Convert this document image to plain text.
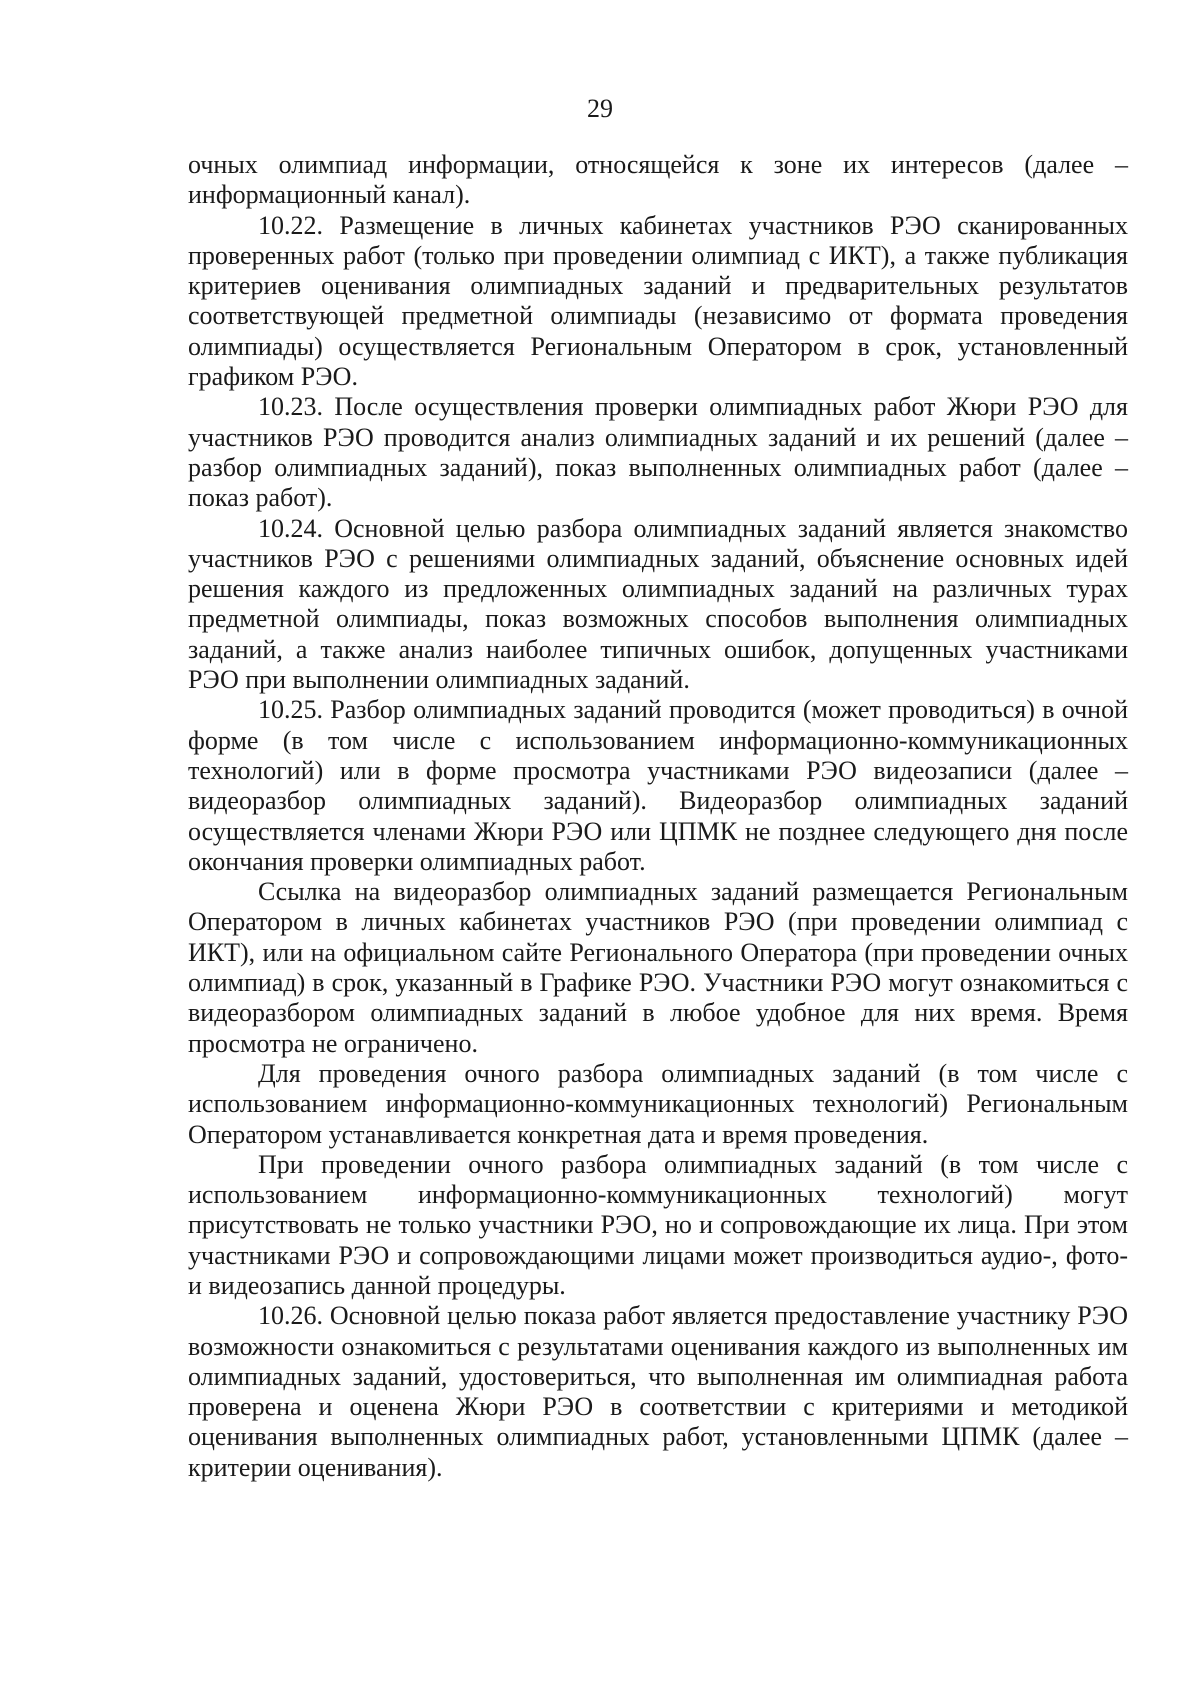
29

очных олимпиад информации, относящейся к зоне их интересов (далее – информационный канал).

10.22. Размещение в личных кабинетах участников РЭО сканированных проверенных работ (только при проведении олимпиад с ИКТ), а также публикация критериев оценивания олимпиадных заданий и предварительных результатов соответствующей предметной олимпиады (независимо от формата проведения олимпиады) осуществляется Региональным Оператором в срок, установленный графиком РЭО.

10.23. После осуществления проверки олимпиадных работ Жюри РЭО для участников РЭО проводится анализ олимпиадных заданий и их решений (далее – разбор олимпиадных заданий), показ выполненных олимпиадных работ (далее – показ работ).

10.24. Основной целью разбора олимпиадных заданий является знакомство участников РЭО с решениями олимпиадных заданий, объяснение основных идей решения каждого из предложенных олимпиадных заданий на различных турах предметной олимпиады, показ возможных способов выполнения олимпиадных заданий, а также анализ наиболее типичных ошибок, допущенных участниками РЭО при выполнении олимпиадных заданий.

10.25. Разбор олимпиадных заданий проводится (может проводиться) в очной форме (в том числе с использованием информационно-коммуникационных технологий) или в форме просмотра участниками РЭО видеозаписи (далее – видеоразбор олимпиадных заданий). Видеоразбор олимпиадных заданий осуществляется членами Жюри РЭО или ЦПМК не позднее следующего дня после окончания проверки олимпиадных работ.

Ссылка на видеоразбор олимпиадных заданий размещается Региональным Оператором в личных кабинетах участников РЭО (при проведении олимпиад с ИКТ), или на официальном сайте Регионального Оператора (при проведении очных олимпиад) в срок, указанный в Графике РЭО. Участники РЭО могут ознакомиться с видеоразбором олимпиадных заданий в любое удобное для них время. Время просмотра не ограничено.

Для проведения очного разбора олимпиадных заданий (в том числе с использованием информационно-коммуникационных технологий) Региональным Оператором устанавливается конкретная дата и время проведения.

При проведении очного разбора олимпиадных заданий (в том числе с использованием информационно-коммуникационных технологий) могут присутствовать не только участники РЭО, но и сопровождающие их лица. При этом участниками РЭО и сопровождающими лицами может производиться аудио-, фото- и видеозапись данной процедуры.

10.26. Основной целью показа работ является предоставление участнику РЭО возможности ознакомиться с результатами оценивания каждого из выполненных им олимпиадных заданий, удостовериться, что выполненная им олимпиадная работа проверена и оценена Жюри РЭО в соответствии с критериями и методикой оценивания выполненных олимпиадных работ, установленными ЦПМК (далее – критерии оценивания).
